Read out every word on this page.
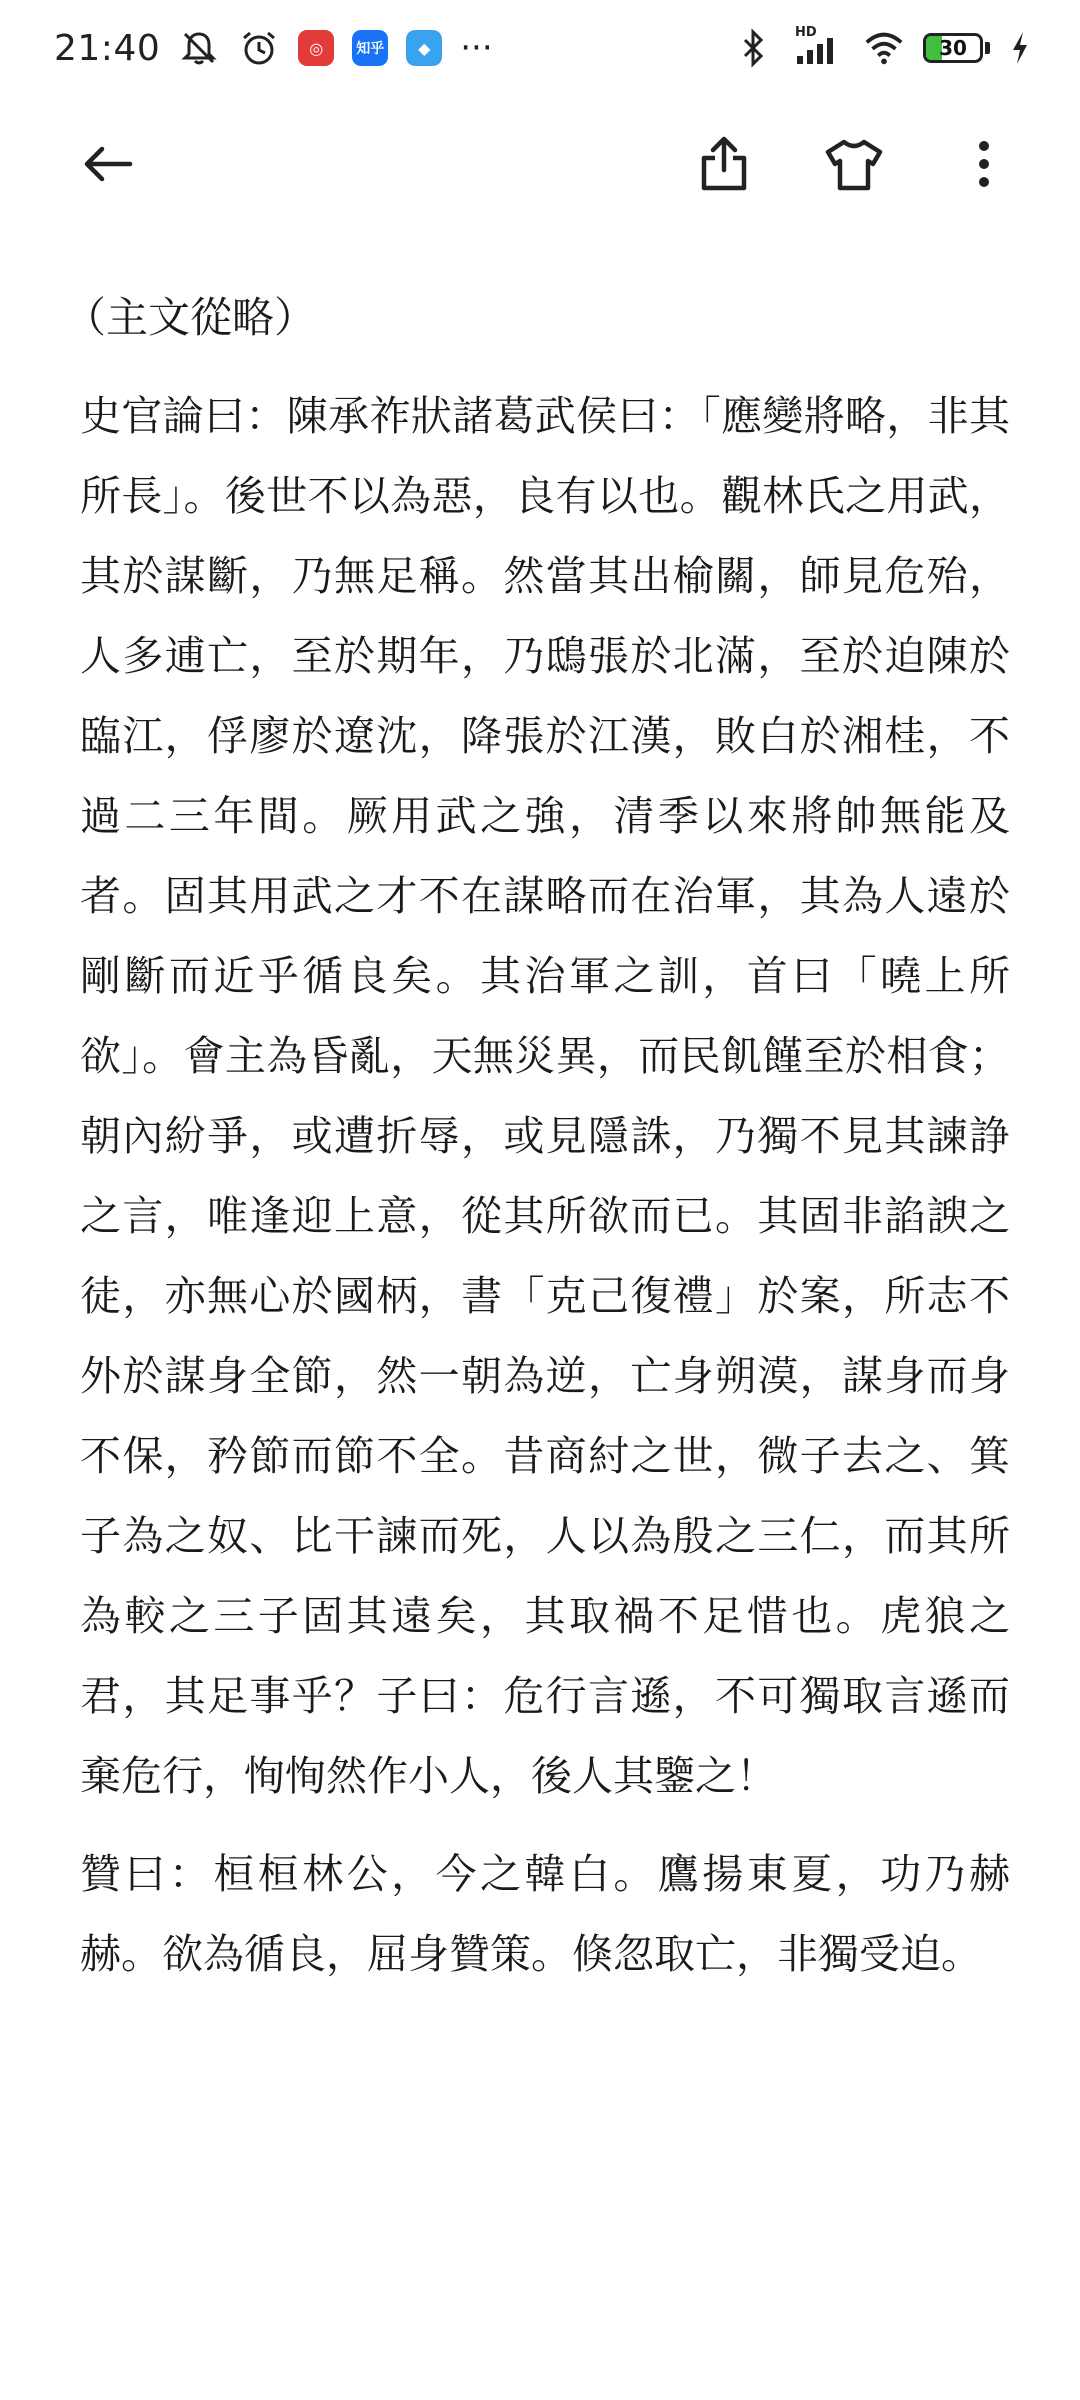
21:40	◎	知乎	◆ ···	HD
30

（主文從略）

史官論曰：陳承祚狀諸葛武侯曰：「應變將略，非其所長」。後世不以為惡，良有以也。觀林氏之用武，其於謀斷，乃無足稱。然當其出榆關，師見危殆，人多逋亡，至於期年，乃鴟張於北滿，至於迫陳於臨江，俘廖於遼沈，降張於江漢，敗白於湘桂，不過二三年間。厥用武之強，清季以來將帥無能及者。固其用武之才不在謀略而在治軍，其為人遠於剛斷而近乎循良矣。其治軍之訓，首曰「曉上所欲」。會主為昏亂，天無災異，而民飢饉至於相食；朝內紛爭，或遭折辱，或見隱誅，乃獨不見其諫諍之言，唯逢迎上意，從其所欲而已。其固非諂諛之徒，亦無心於國柄，書「克己復禮」於案，所志不外於謀身全節，然一朝為逆，亡身朔漠，謀身而身不保，矜節而節不全。昔商紂之世，微子去之、箕子為之奴、比干諫而死，人以為殷之三仁，而其所為較之三子固其遠矣，其取禍不足惜也。虎狼之君，其足事乎？子曰：危行言遜，不可獨取言遜而棄危行，恂恂然作小人，後人其鑒之！

贊曰：桓桓林公，今之韓白。鷹揚東夏，功乃赫赫。欲為循良，屈身贊策。倏忽取亡，非獨受迫。
